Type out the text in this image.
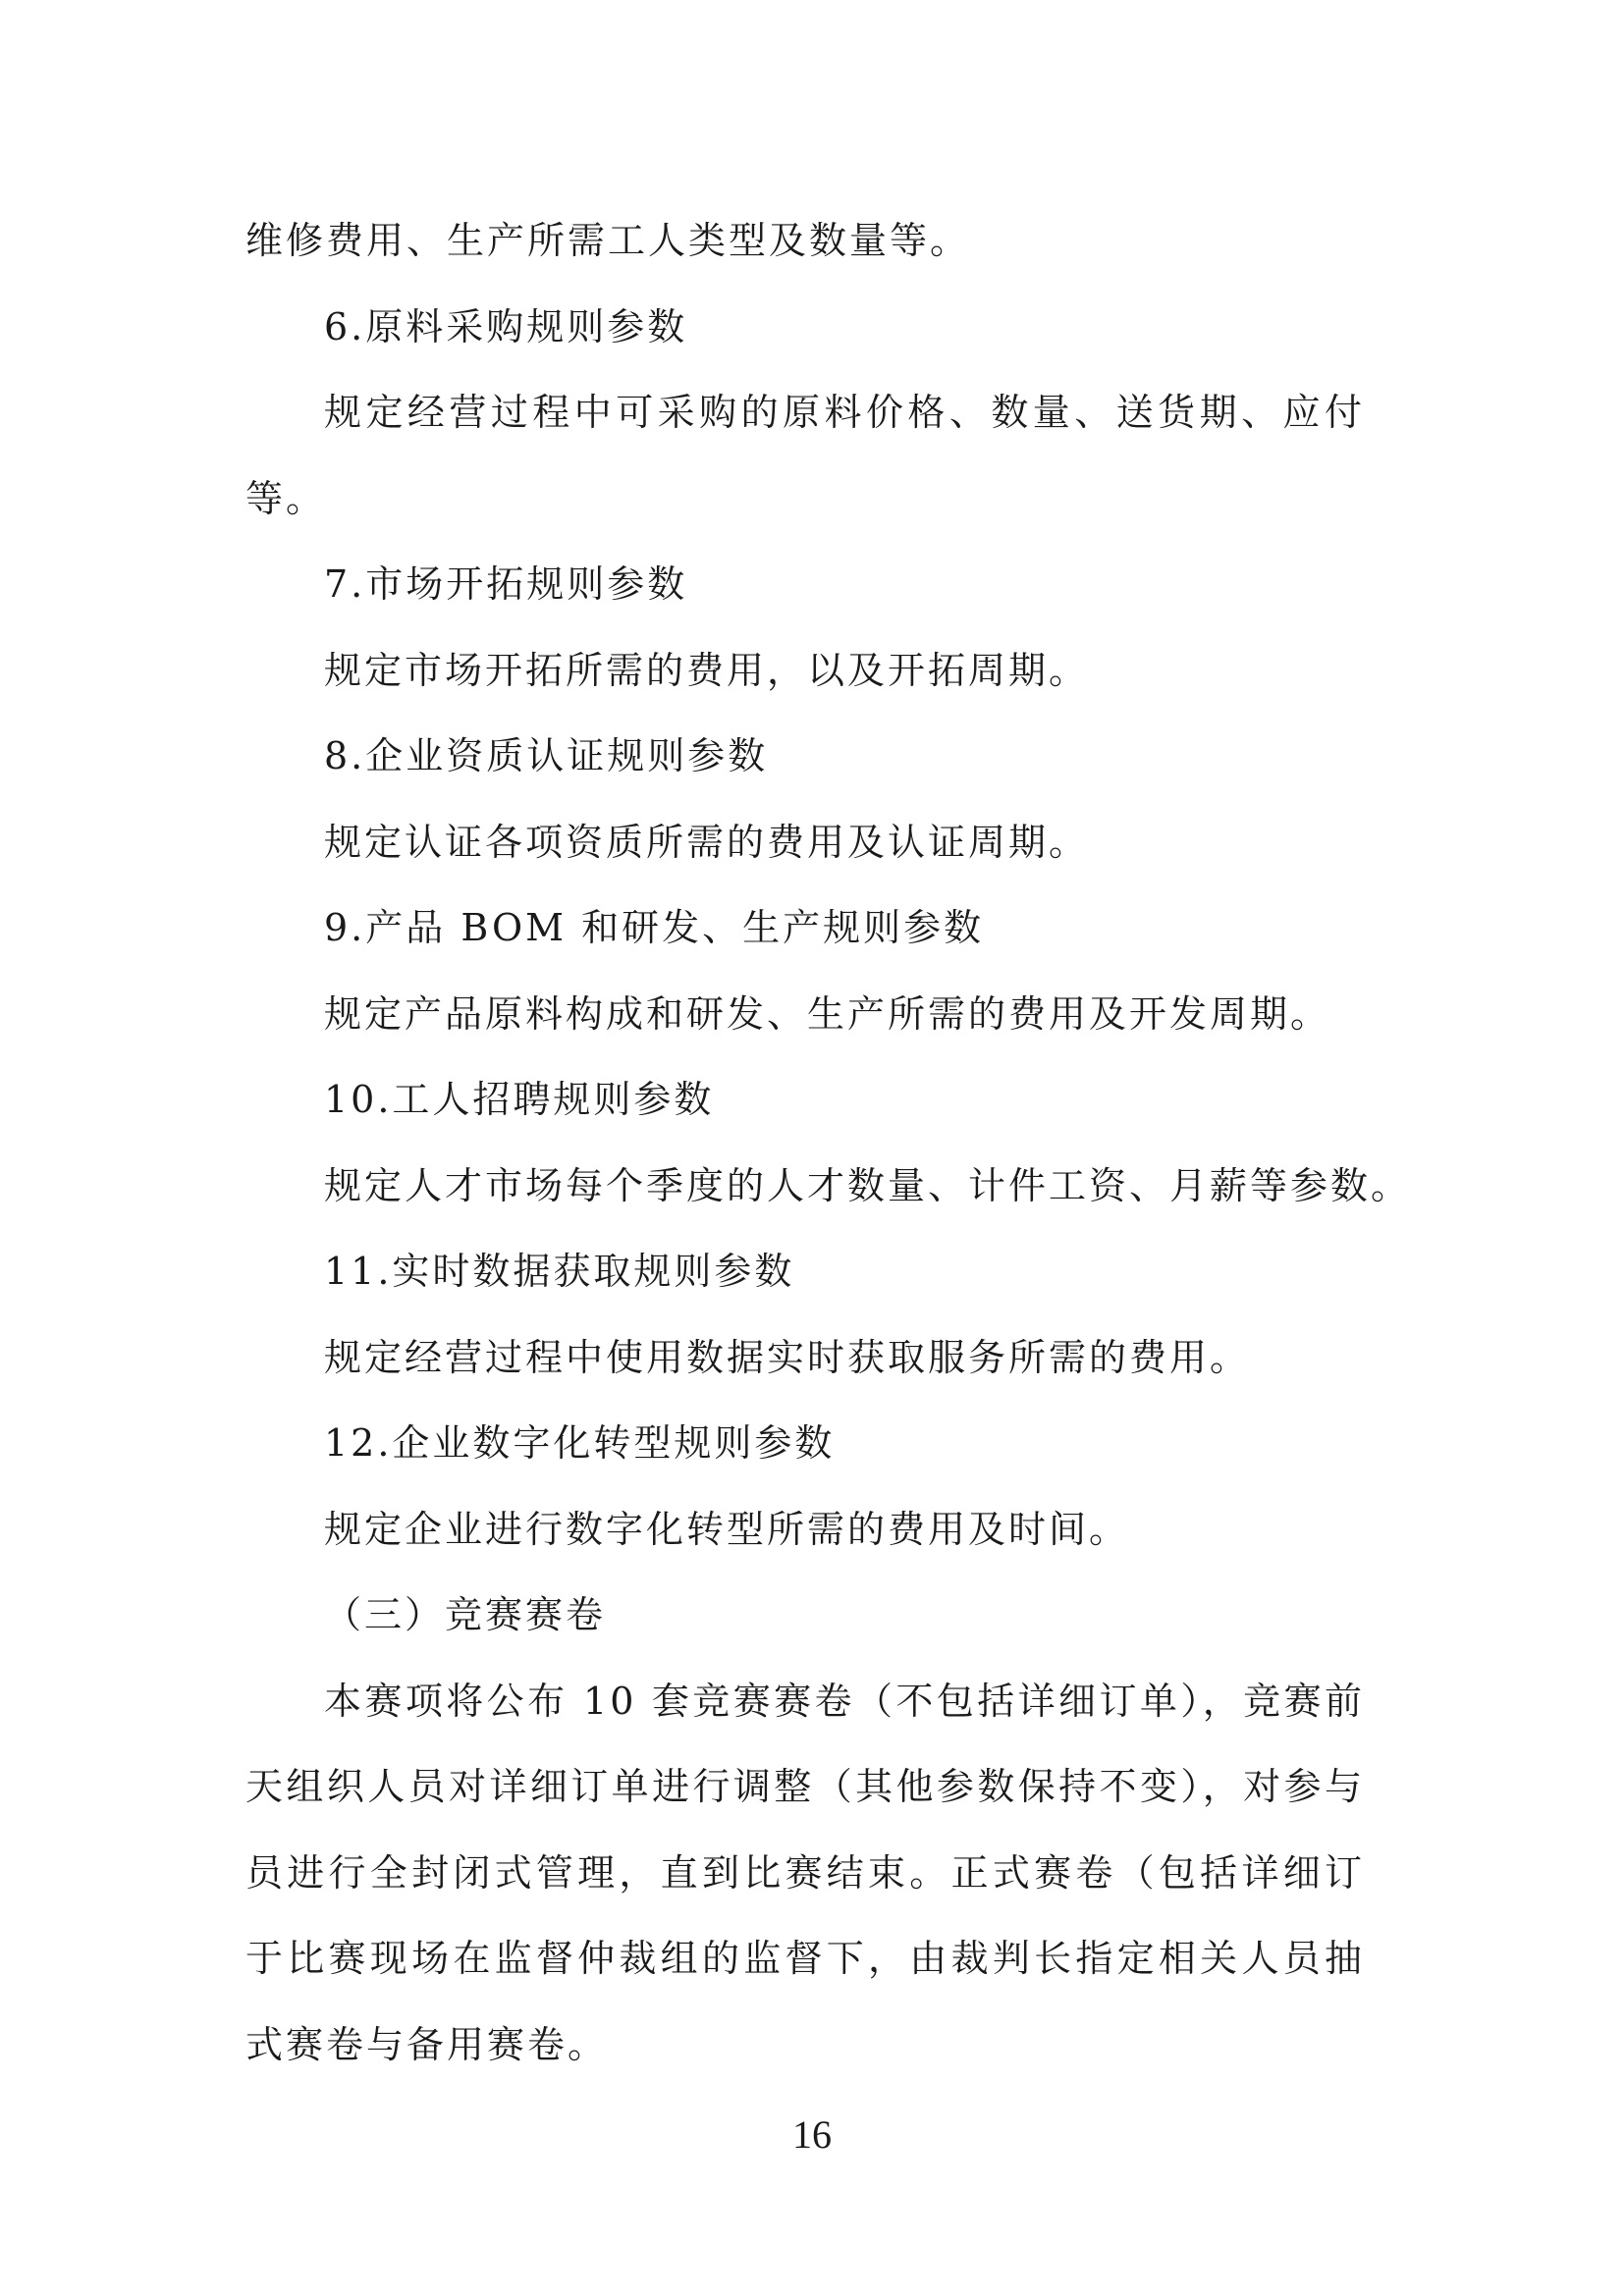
维修费用、生产所需工人类型及数量等。
6.原料采购规则参数
规定经营过程中可采购的原料价格、数量、送货期、应付
等。
7.市场开拓规则参数
规定市场开拓所需的费用，以及开拓周期。
8.企业资质认证规则参数
规定认证各项资质所需的费用及认证周期。
9.产品 BOM 和研发、生产规则参数
规定产品原料构成和研发、生产所需的费用及开发周期。
10.工人招聘规则参数
规定人才市场每个季度的人才数量、计件工资、月薪等参数。
11.实时数据获取规则参数
规定经营过程中使用数据实时获取服务所需的费用。
12.企业数字化转型规则参数
规定企业进行数字化转型所需的费用及时间。
（三）竞赛赛卷
本赛项将公布 10 套竞赛赛卷（不包括详细订单），竞赛前
天组织人员对详细订单进行调整（其他参数保持不变），对参与
员进行全封闭式管理，直到比赛结束。正式赛卷（包括详细订
于比赛现场在监督仲裁组的监督下，由裁判长指定相关人员抽
式赛卷与备用赛卷。
16
